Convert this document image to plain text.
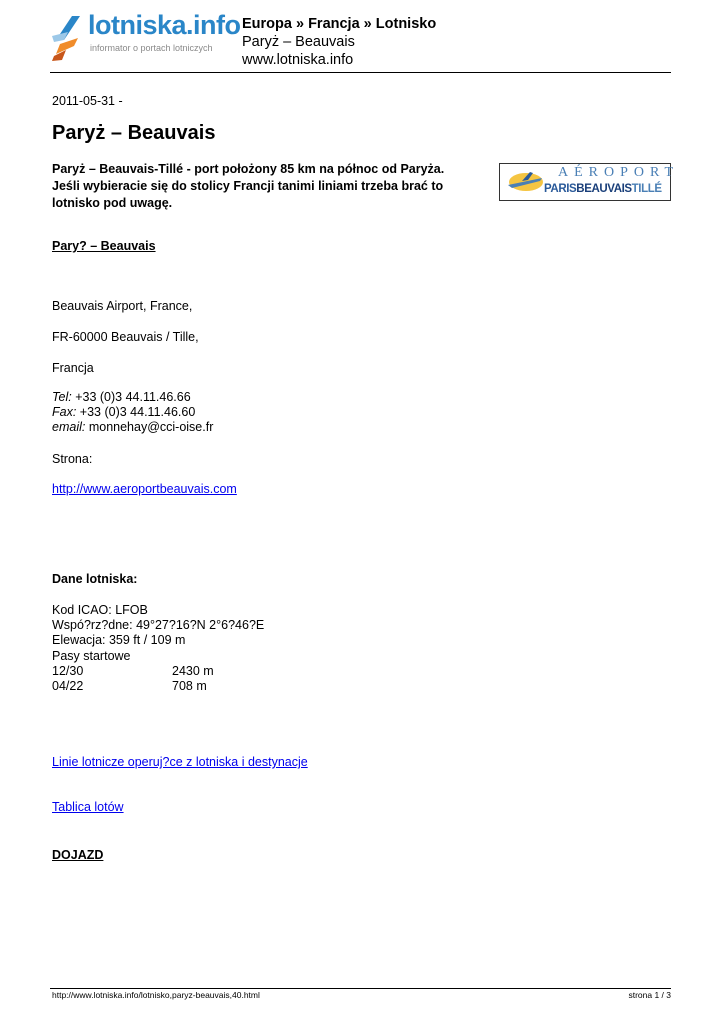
lotniska.info
informator o portach lotniczych
Europa » Francja » Lotnisko
Paryż – Beauvais
www.lotniska.info
2011-05-31 -
Paryż – Beauvais
Paryż – Beauvais-Tillé - port położony 85 km na północ od Paryża. Jeśli wybieracie się do stolicy Francji tanimi liniami trzeba brać to lotnisko pod uwagę.
AÉROPORT
PARISBEAUVAISTILLÉ
Pary? – Beauvais
Beauvais Airport, France,
FR-60000 Beauvais / Tille,
Francja
Tel: +33 (0)3 44.11.46.66
Fax: +33 (0)3 44.11.46.60
email: monnehay@cci-oise.fr
Strona:
http://www.aeroportbeauvais.com
Dane lotniska:
Kod ICAO: LFOB
Wspó?rz?dne: 49°27?16?N 2°6?46?E
Elewacja: 359 ft / 109 m
Pasy startowe
12/30	2430 m
04/22	708 m
Linie lotnicze operuj?ce z lotniska i destynacje
Tablica lotów
DOJAZD
http://www.lotniska.info/lotnisko,paryz-beauvais,40.html	strona 1 / 3
